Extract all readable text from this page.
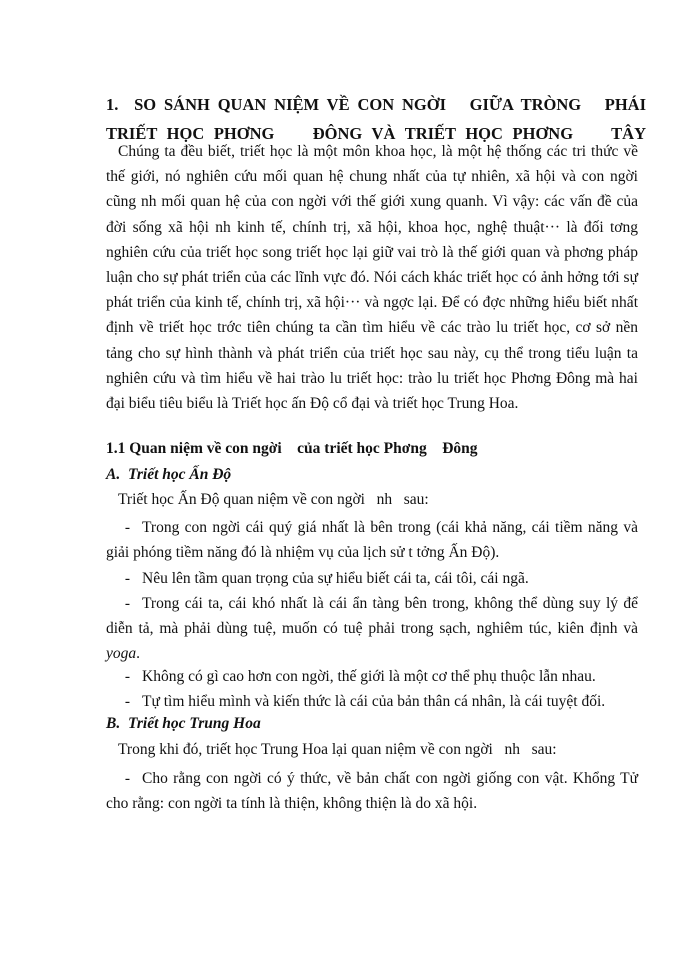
1.  SO SÁNH QUAN NIỆM VỀ CON NGỜI   GIỮA TRÒNG   PHÁI
TRIẾT HỌC PHƠNG    ĐÔNG VÀ TRIẾT HỌC PHƠNG    TÂY

Chúng ta đều biết, triết học là một môn khoa học, là một hệ thống các tri thức về thế giới, nó nghiên cứu mối quan hệ chung nhất của tự nhiên, xã hội và con ngời cũng nh mối quan hệ của con ngời với thế giới xung quanh. Vì vậy: các vấn đề của đời sống xã hội nh kinh tế, chính trị, xã hội, khoa học, nghệ thuật··· là đối tơng nghiên cứu của triết học song triết học lại giữ vai trò là thế giới quan và phơng pháp luận cho sự phát triển của các lĩnh vực đó. Nói cách khác triết học có ảnh hởng tới sự phát triển của kinh tế, chính trị, xã hội··· và ngợc lại. Để có đợc những hiểu biết nhất định về triết học trớc tiên chúng ta cần tìm hiểu về các trào lu triết học, cơ sở nền tảng cho sự hình thành và phát triển của triết học sau này, cụ thể trong tiểu luận ta nghiên cứu và tìm hiểu về hai trào lu triết học: trào lu triết học Phơng Đông mà hai đại biểu tiêu biểu là Triết học ấn Độ cổ đại và triết học Trung Hoa.

1.1 Quan niệm về con ngời    của triết học Phơng    Đông
A.  Triết học Ấn Độ
Triết học Ấn Độ quan niệm về con ngời   nh   sau:
- Trong con ngời cái quý giá nhất là bên trong (cái khả năng, cái tiềm năng và giải phóng tiềm năng đó là nhiệm vụ của lịch sử t tởng Ấn Độ).
- Nêu lên tầm quan trọng của sự hiểu biết cái ta, cái tôi, cái ngã.
- Trong cái ta, cái khó nhất là cái ẩn tàng bên trong, không thể dùng suy lý để diễn tả, mà phải dùng tuệ, muốn có tuệ phải trong sạch, nghiêm túc, kiên định và yoga.
- Không có gì cao hơn con ngời, thế giới là một cơ thể phụ thuộc lẫn nhau.
- Tự tìm hiểu mình và kiến thức là cái của bản thân cá nhân, là cái tuyệt đối.
B.  Triết học Trung Hoa
Trong khi đó, triết học Trung Hoa lại quan niệm về con ngời   nh   sau:
- Cho rằng con ngời có ý thức, về bản chất con ngời giống con vật. Khổng Tử cho rằng: con ngời ta tính là thiện, không thiện là do xã hội.
